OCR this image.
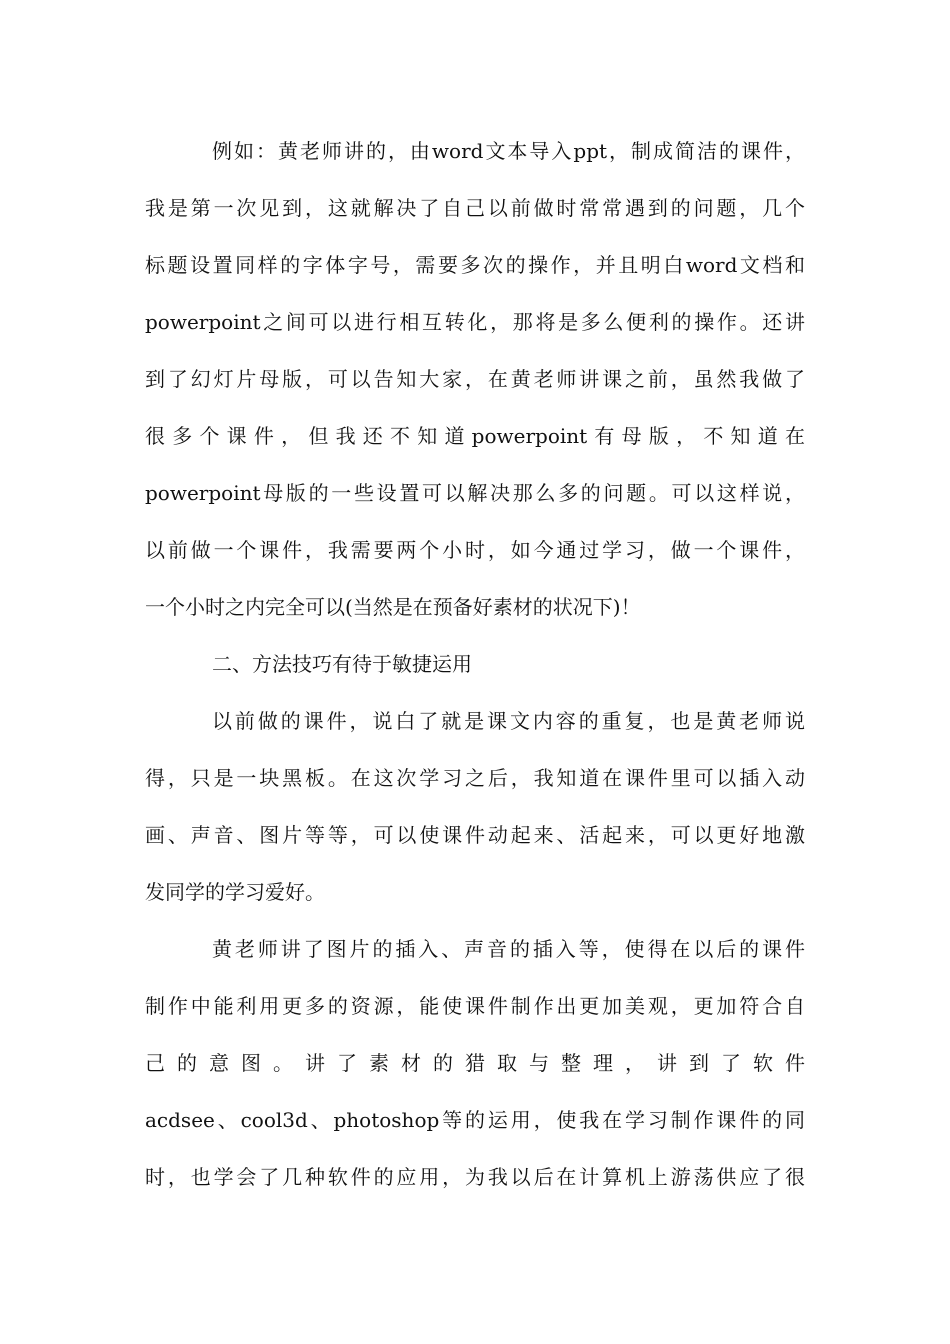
例如：黄老师讲的，由word文本导入ppt，制成简洁的课件，
我是第一次见到，这就解决了自己以前做时常常遇到的问题，几个
标题设置同样的字体字号，需要多次的操作，并且明白word文档和
powerpoint之间可以进行相互转化，那将是多么便利的操作。还讲
到了幻灯片母版，可以告知大家，在黄老师讲课之前，虽然我做了
很多个课件，但我还不知道powerpoint有母版，不知道在
powerpoint母版的一些设置可以解决那么多的问题。可以这样说，
以前做一个课件，我需要两个小时，如今通过学习，做一个课件，
一个小时之内完全可以(当然是在预备好素材的状况下)！
二、方法技巧有待于敏捷运用
以前做的课件，说白了就是课文内容的重复，也是黄老师说
得，只是一块黑板。在这次学习之后，我知道在课件里可以插入动
画、声音、图片等等，可以使课件动起来、活起来，可以更好地激
发同学的学习爱好。
黄老师讲了图片的插入、声音的插入等，使得在以后的课件
制作中能利用更多的资源，能使课件制作出更加美观，更加符合自
己的意图。讲了素材的猎取与整理，讲到了软件
acdsee、cool3d、photoshop等的运用，使我在学习制作课件的同
时，也学会了几种软件的应用，为我以后在计算机上游荡供应了很
